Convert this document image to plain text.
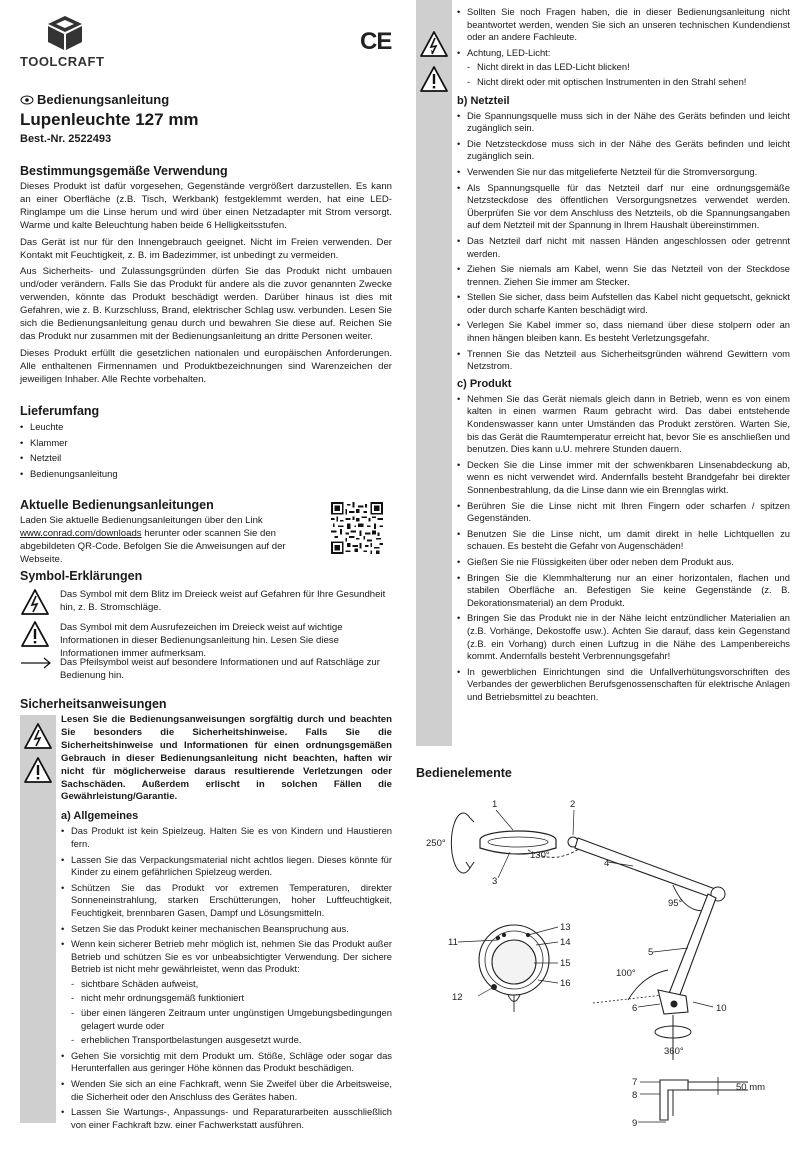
TOOLCRAFT
CE
Bedienungsanleitung
Lupenleuchte 127 mm
Best.-Nr. 2522493
Bestimmungsgemäße Verwendung

Dieses Produkt ist dafür vorgesehen, Gegenstände vergrößert darzustellen. Es kann an einer Oberfläche (z.B. Tisch, Werkbank) festgeklemmt werden, hat eine LED-Ringlampe um die Linse herum und wird über einen Netzadapter mit Strom versorgt. Warme und kalte Beleuchtung haben beide 6 Helligkeitsstufen.

Das Gerät ist nur für den Innengebrauch geeignet. Nicht im Freien verwenden. Der Kontakt mit Feuchtigkeit, z. B. im Badezimmer, ist unbedingt zu vermeiden.

Aus Sicherheits- und Zulassungsgründen dürfen Sie das Produkt nicht umbauen und/oder verändern. Falls Sie das Produkt für andere als die zuvor genannten Zwecke verwenden, könnte das Produkt beschädigt werden. Darüber hinaus ist dies mit Gefahren, wie z. B. Kurzschluss, Brand, elektrischer Schlag usw. verbunden. Lesen Sie sich die Bedienungsanleitung genau durch und bewahren Sie diese auf. Reichen Sie das Produkt nur zusammen mit der Bedienungsanleitung an dritte Personen weiter.

Dieses Produkt erfüllt die gesetzlichen nationalen und europäischen Anforderungen. Alle enthaltenen Firmennamen und Produktbezeichnungen sind Warenzeichen der jeweiligen Inhaber. Alle Rechte vorbehalten.

Lieferumfang
• Leuchte
• Klammer
• Netzteil
• Bedienungsanleitung
Aktuelle Bedienungsanleitungen

Laden Sie aktuelle Bedienungsanleitungen über den Link www.conrad.com/downloads herunter oder scannen Sie den abgebildeten QR-Code. Befolgen Sie die Anweisungen auf der Webseite.

Symbol-Erklärungen

Das Symbol mit dem Blitz im Dreieck weist auf Gefahren für Ihre Gesundheit hin, z. B. Stromschläge.

Das Symbol mit dem Ausrufezeichen im Dreieck weist auf wichtige Informationen in dieser Bedienungsanleitung hin. Lesen Sie diese Informationen immer aufmerksam.

Das Pfeilsymbol weist auf besondere Informationen und auf Ratschläge zur Bedienung hin.

Sicherheitsanweisungen

Lesen Sie die Bedienungsanweisungen sorgfältig durch und beachten Sie besonders die Sicherheitshinweise. Falls Sie die Sicherheitshinweise und Informationen für einen ordnungsgemäßen Gebrauch in dieser Bedienungsanleitung nicht beachten, haften wir nicht für möglicherweise daraus resultierende Verletzungen oder Sachschäden. Außerdem erlischt in solchen Fällen die Gewährleistung/Garantie.

a) Allgemeines
• Das Produkt ist kein Spielzeug. Halten Sie es von Kindern und Haustieren fern.
• Lassen Sie das Verpackungsmaterial nicht achtlos liegen. Dieses könnte für Kinder zu einem gefährlichen Spielzeug werden.
• Schützen Sie das Produkt vor extremen Temperaturen, direkter Sonneneinstrahlung, starken Erschütterungen, hoher Luftfeuchtigkeit, Feuchtigkeit, brennbaren Gasen, Dampf und Lösungsmitteln.
• Setzen Sie das Produkt keiner mechanischen Beanspruchung aus.
• Wenn kein sicherer Betrieb mehr möglich ist, nehmen Sie das Produkt außer Betrieb und schützen Sie es vor unbeabsichtigter Verwendung. Der sichere Betrieb ist nicht mehr gewährleistet, wenn das Produkt:
- sichtbare Schäden aufweist,
- nicht mehr ordnungsgemäß funktioniert
- über einen längeren Zeitraum unter ungünstigen Umgebungsbedingungen gelagert wurde oder
- erheblichen Transportbelastungen ausgesetzt wurde.
• Gehen Sie vorsichtig mit dem Produkt um. Stöße, Schläge oder sogar das Herunterfallen aus geringer Höhe können das Produkt beschädigen.
• Wenden Sie sich an eine Fachkraft, wenn Sie Zweifel über die Arbeitsweise, die Sicherheit oder den Anschluss des Gerätes haben.
• Lassen Sie Wartungs-, Anpassungs- und Reparaturarbeiten ausschließlich von einer Fachkraft bzw. einer Fachwerkstatt ausführen.
• Sollten Sie noch Fragen haben, die in dieser Bedienungsanleitung nicht beantwortet werden, wenden Sie sich an unseren technischen Kundendienst oder an andere Fachleute.
• Achtung, LED-Licht:
- Nicht direkt in das LED-Licht blicken!
- Nicht direkt oder mit optischen Instrumenten in den Strahl sehen!
b) Netzteil
• Die Spannungsquelle muss sich in der Nähe des Geräts befinden und leicht zugänglich sein.
• Die Netzsteckdose muss sich in der Nähe des Geräts befinden und leicht zugänglich sein.
• Verwenden Sie nur das mitgelieferte Netzteil für die Stromversorgung.
• Als Spannungsquelle für das Netzteil darf nur eine ordnungsgemäße Netzsteckdose des öffentlichen Versorgungsnetzes verwendet werden. Überprüfen Sie vor dem Anschluss des Netzteils, ob die Spannungsangaben auf dem Netzteil mit der Spannung in Ihrem Haushalt übereinstimmen.
• Das Netzteil darf nicht mit nassen Händen angeschlossen oder getrennt werden.
• Ziehen Sie niemals am Kabel, wenn Sie das Netzteil von der Steckdose trennen. Ziehen Sie immer am Stecker.
• Stellen Sie sicher, dass beim Aufstellen das Kabel nicht gequetscht, geknickt oder durch scharfe Kanten beschädigt wird.
• Verlegen Sie Kabel immer so, dass niemand über diese stolpern oder an ihnen hängen bleiben kann. Es besteht Verletzungsgefahr.
• Trennen Sie das Netzteil aus Sicherheitsgründen während Gewittern vom Netzstrom.
c) Produkt
• Nehmen Sie das Gerät niemals gleich dann in Betrieb, wenn es von einem kalten in einen warmen Raum gebracht wird. Das dabei entstehende Kondenswasser kann unter Umständen das Produkt zerstören. Warten Sie, bis das Gerät die Raumtemperatur erreicht hat, bevor Sie es anschließen und benutzen. Dies kann u.U. mehrere Stunden dauern.
• Decken Sie die Linse immer mit der schwenkbaren Linsenabdeckung ab, wenn es nicht verwendet wird. Andernfalls besteht Brandgefahr bei direkter Sonnenbestrahlung, da die Linse dann wie ein Brennglas wirkt.
• Berühren Sie die Linse nicht mit Ihren Fingern oder scharfen / spitzen Gegenständen.
• Benutzen Sie die Linse nicht, um damit direkt in helle Lichtquellen zu schauen. Es besteht die Gefahr von Augenschäden!
• Gießen Sie nie Flüssigkeiten über oder neben dem Produkt aus.
• Bringen Sie die Klemmhalterung nur an einer horizontalen, flachen und stabilen Oberfläche an. Befestigen Sie keine Gegenstände (z. B. Dekorationsmaterial) an dem Produkt.
• Bringen Sie das Produkt nie in der Nähe leicht entzündlicher Materialien an (z.B. Vorhänge, Dekostoffe usw.). Achten Sie darauf, dass kein Gegenstand (z.B. ein Vorhang) durch einen Luftzug in die Nähe des Lampenbereichs kommt. Andernfalls besteht Verbrennungsgefahr!
• In gewerblichen Einrichtungen sind die Unfallverhütungsvorschriften des Verbandes der gewerblichen Berufsgenossenschaften für elektrische Anlagen und Betriebsmittel zu beachten.
Bedienelemente
1	2
3
4
5
6
7
8
9
10
11
12
13
14
15
16
250°
130°
95°
100°
360°
50 mm
